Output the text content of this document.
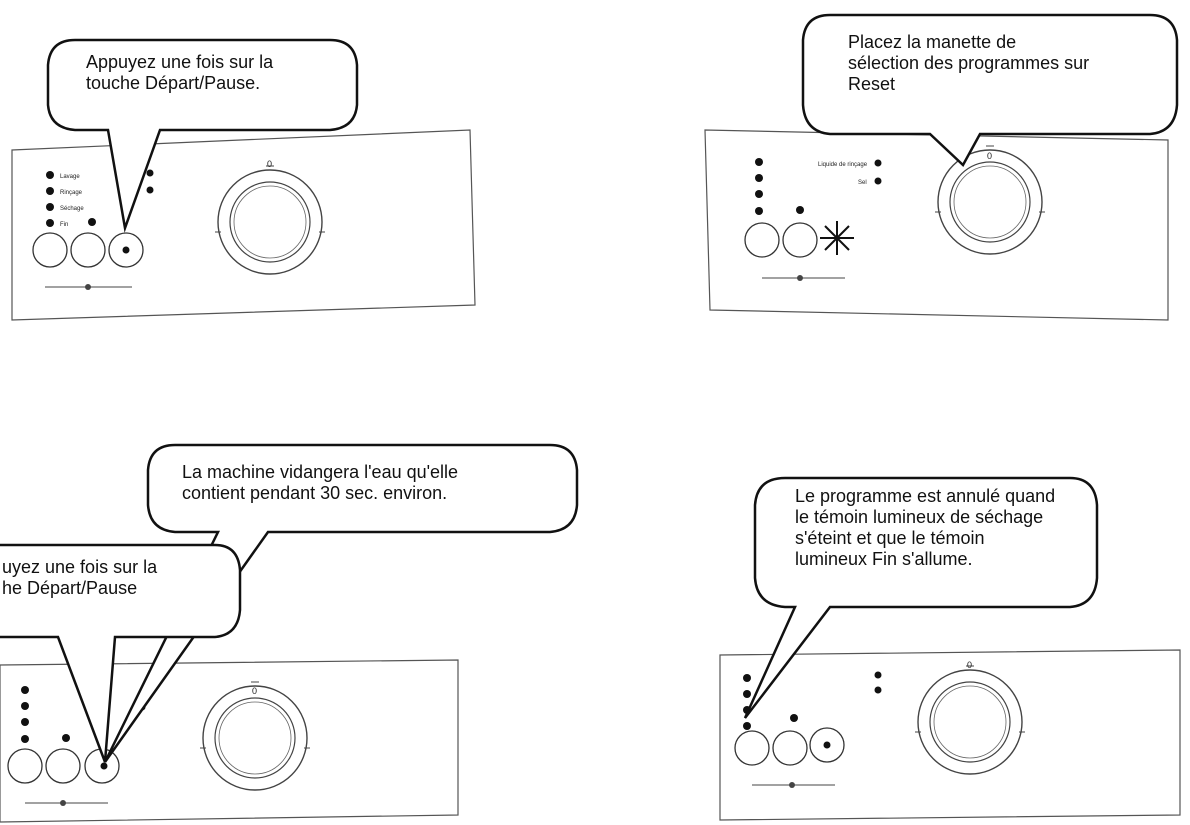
Lavage
Rinçage
Séchage
Fin
0	Liquide de rinçage
Sel
0
0
0
Appuyez une fois sur la
touche Départ/Pause.
Placez la manette de
sélection des programmes sur
Reset
La machine vidangera l'eau qu'elle
contient pendant 30 sec. environ.
uyez une fois sur la
he Départ/Pause
Le programme est annulé quand
le témoin lumineux de séchage
s'éteint et que le témoin
lumineux Fin s'allume.
